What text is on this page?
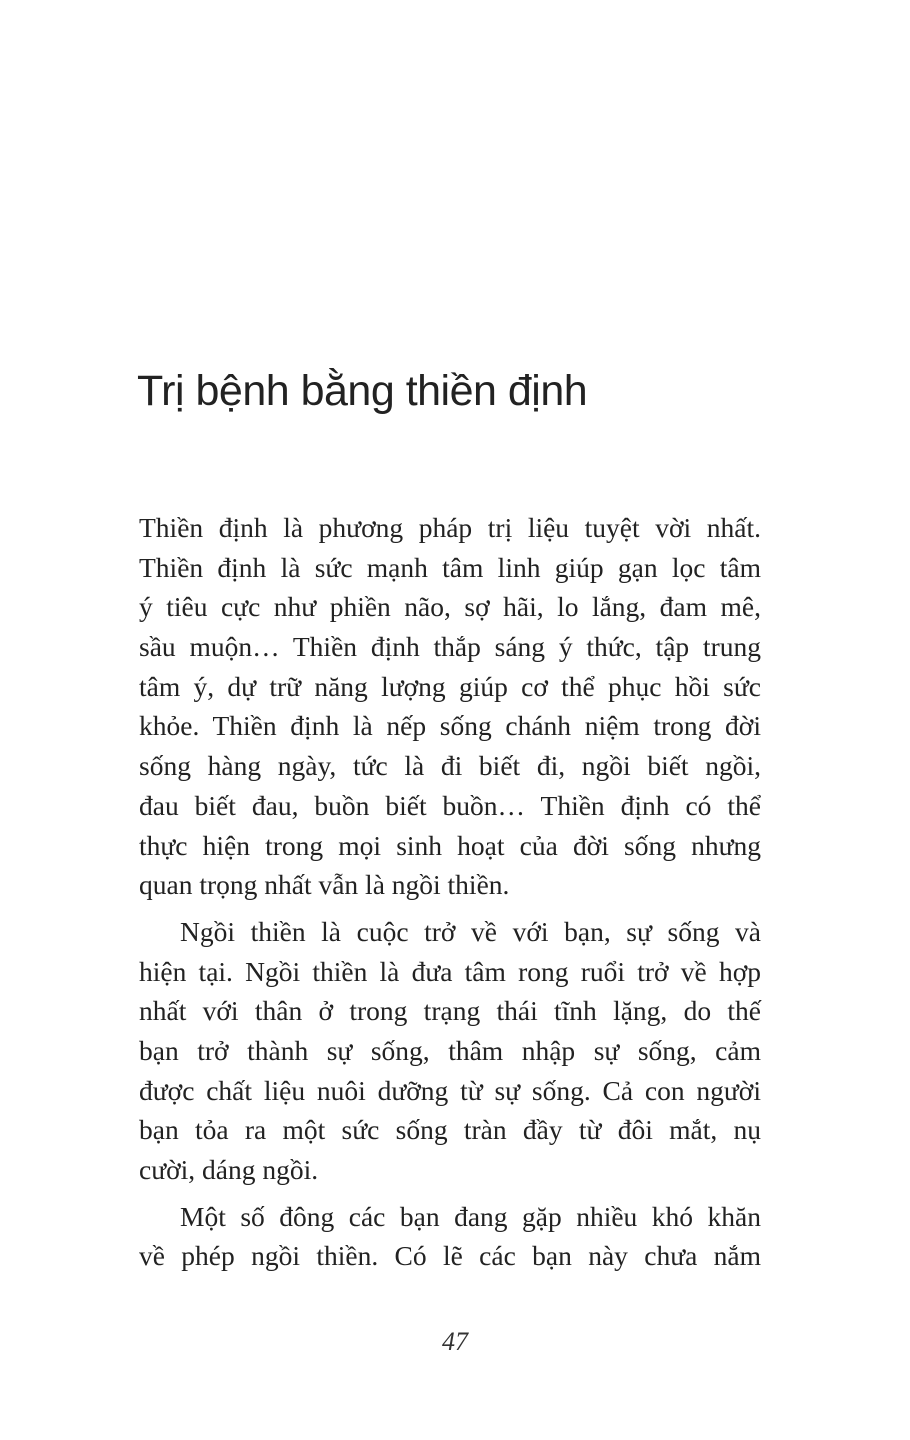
Trị bệnh bằng thiền định

Thiền định là phương pháp trị liệu tuyệt vời nhất.
Thiền định là sức mạnh tâm linh giúp gạn lọc tâm
ý tiêu cực như phiền não, sợ hãi, lo lắng, đam mê,
sầu muộn… Thiền định thắp sáng ý thức, tập trung
tâm ý, dự trữ năng lượng giúp cơ thể phục hồi sức
khỏe. Thiền định là nếp sống chánh niệm trong đời
sống hàng ngày, tức là đi biết đi, ngồi biết ngồi,
đau biết đau, buồn biết buồn… Thiền định có thể
thực hiện trong mọi sinh hoạt của đời sống nhưng
quan trọng nhất vẫn là ngồi thiền.

Ngồi thiền là cuộc trở về với bạn, sự sống và
hiện tại. Ngồi thiền là đưa tâm rong ruổi trở về hợp
nhất với thân ở trong trạng thái tĩnh lặng, do thế
bạn trở thành sự sống, thâm nhập sự sống, cảm
được chất liệu nuôi dưỡng từ sự sống. Cả con người
bạn tỏa ra một sức sống tràn đầy từ đôi mắt, nụ
cười, dáng ngồi.

Một số đông các bạn đang gặp nhiều khó khăn
về phép ngồi thiền. Có lẽ các bạn này chưa nắm

47
